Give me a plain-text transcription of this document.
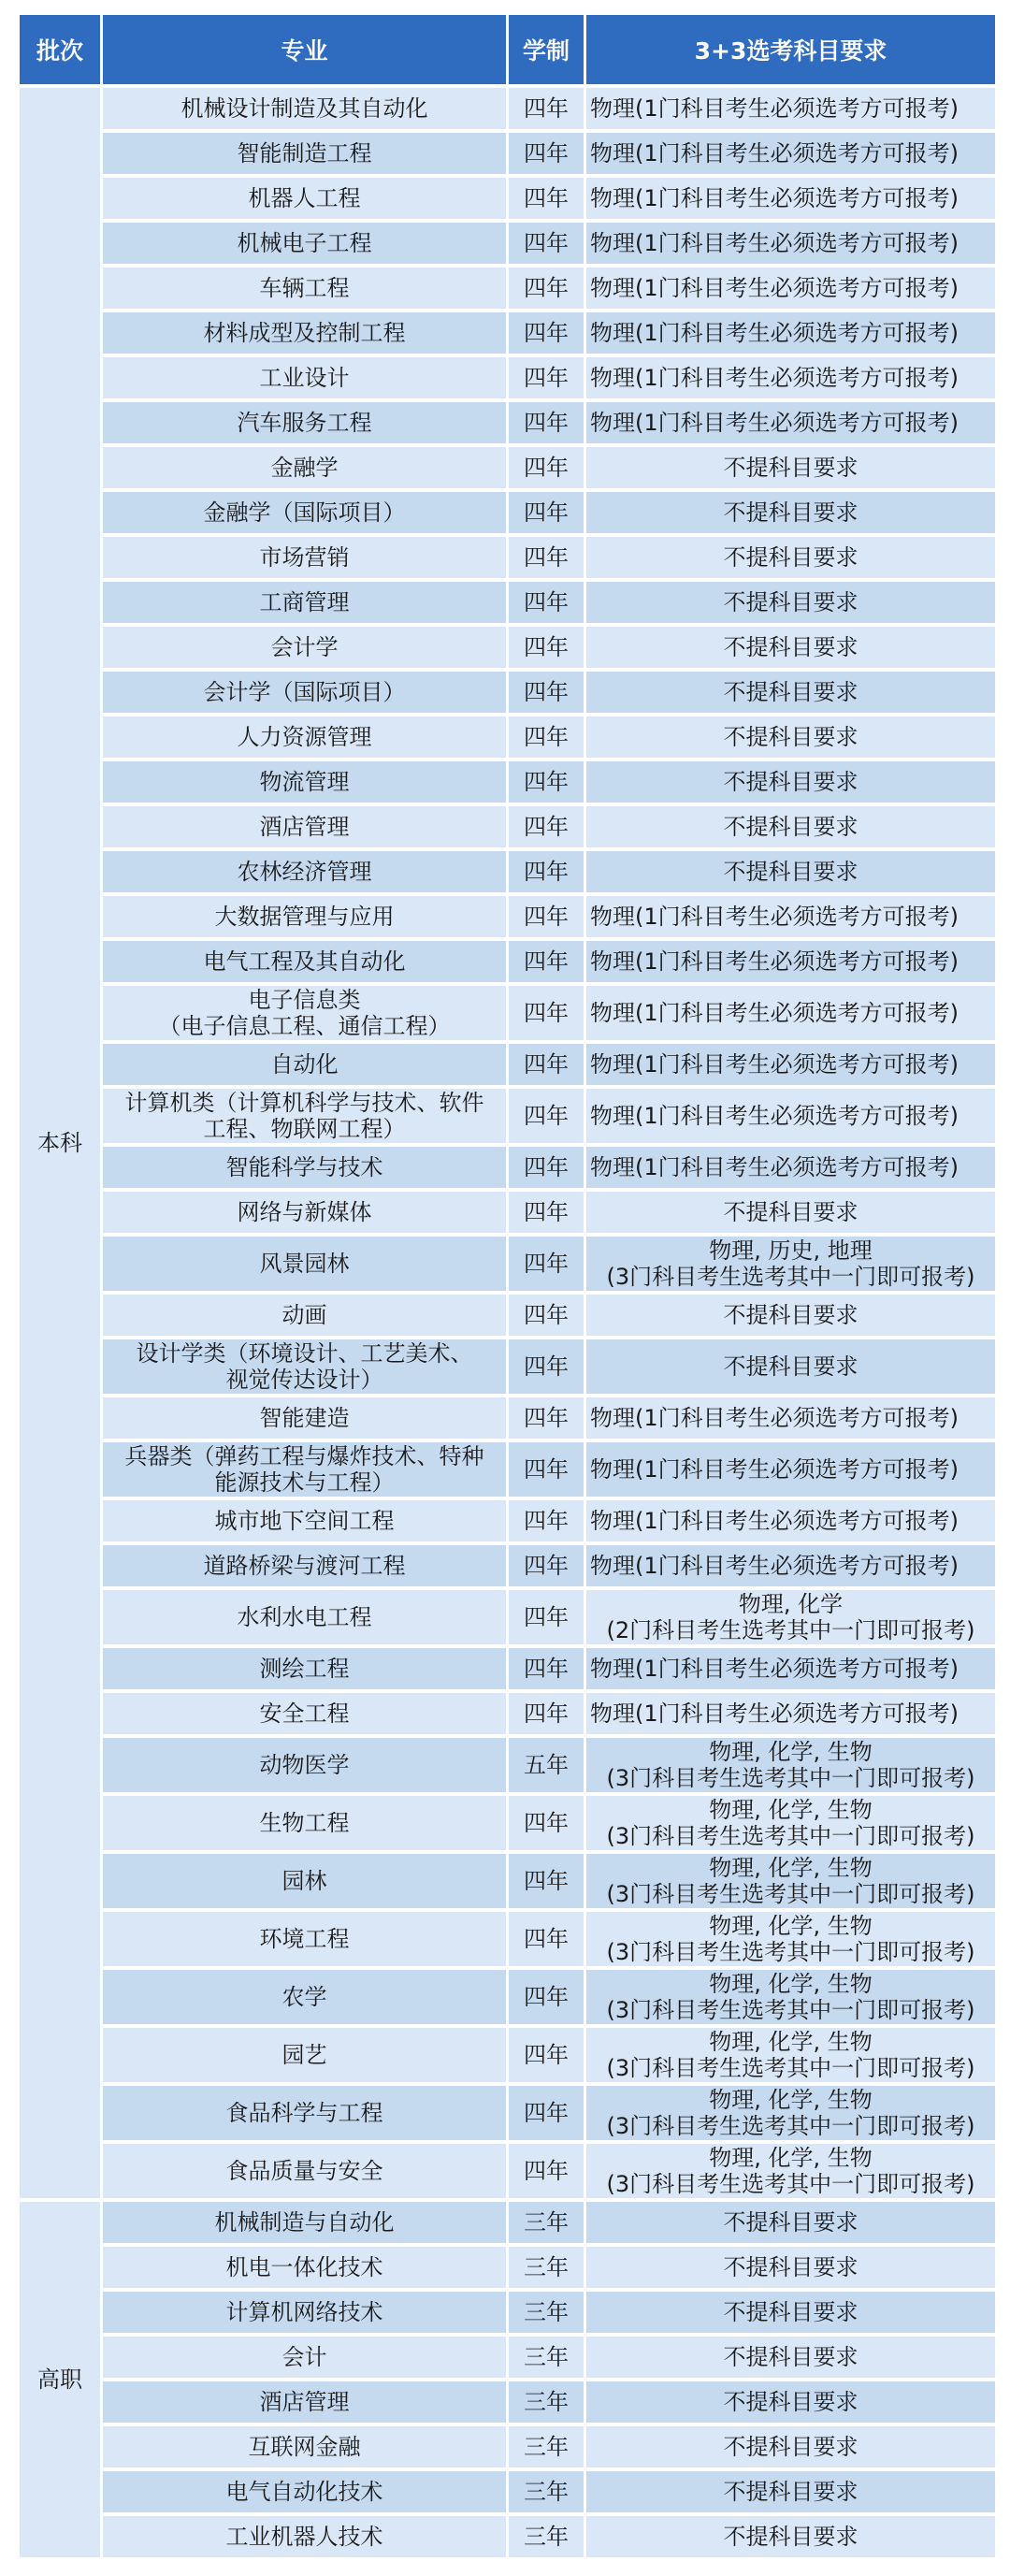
批次	专业	学制	3+3选考科目要求
本科	机械设计制造及其自动化	四年	物理(1门科目考生必须选考方可报考)

	智能制造工程	四年	物理(1门科目考生必须选考方可报考)

	机器人工程	四年	物理(1门科目考生必须选考方可报考)

	机械电子工程	四年	物理(1门科目考生必须选考方可报考)

	车辆工程	四年	物理(1门科目考生必须选考方可报考)

	材料成型及控制工程	四年	物理(1门科目考生必须选考方可报考)

	工业设计	四年	物理(1门科目考生必须选考方可报考)

	汽车服务工程	四年	物理(1门科目考生必须选考方可报考)

	金融学	四年	不提科目要求

	金融学（国际项目）	四年	不提科目要求

	市场营销	四年	不提科目要求

	工商管理	四年	不提科目要求

	会计学	四年	不提科目要求

	会计学（国际项目）	四年	不提科目要求

	人力资源管理	四年	不提科目要求

	物流管理	四年	不提科目要求

	酒店管理	四年	不提科目要求

	农林经济管理	四年	不提科目要求

	大数据管理与应用	四年	物理(1门科目考生必须选考方可报考)

	电气工程及其自动化	四年	物理(1门科目考生必须选考方可报考)

	电子信息类
（电子信息工程、通信工程）	四年	物理(1门科目考生必须选考方可报考)

	自动化	四年	物理(1门科目考生必须选考方可报考)

	计算机类（计算机科学与技术、软件
工程、物联网工程）	四年	物理(1门科目考生必须选考方可报考)

	智能科学与技术	四年	物理(1门科目考生必须选考方可报考)

	网络与新媒体	四年	不提科目要求

	风景园林	四年	物理, 历史, 地理
(3门科目考生选考其中一门即可报考)

	动画	四年	不提科目要求

	设计学类（环境设计、工艺美术、
视觉传达设计）	四年	不提科目要求

	智能建造	四年	物理(1门科目考生必须选考方可报考)

	兵器类（弹药工程与爆炸技术、特种
能源技术与工程）	四年	物理(1门科目考生必须选考方可报考)

	城市地下空间工程	四年	物理(1门科目考生必须选考方可报考)

	道路桥梁与渡河工程	四年	物理(1门科目考生必须选考方可报考)

	水利水电工程	四年	物理, 化学
(2门科目考生选考其中一门即可报考)

	测绘工程	四年	物理(1门科目考生必须选考方可报考)

	安全工程	四年	物理(1门科目考生必须选考方可报考)

	动物医学	五年	物理, 化学, 生物
(3门科目考生选考其中一门即可报考)

	生物工程	四年	物理, 化学, 生物
(3门科目考生选考其中一门即可报考)

	园林	四年	物理, 化学, 生物
(3门科目考生选考其中一门即可报考)

	环境工程	四年	物理, 化学, 生物
(3门科目考生选考其中一门即可报考)

	农学	四年	物理, 化学, 生物
(3门科目考生选考其中一门即可报考)

	园艺	四年	物理, 化学, 生物
(3门科目考生选考其中一门即可报考)

	食品科学与工程	四年	物理, 化学, 生物
(3门科目考生选考其中一门即可报考)

	食品质量与安全	四年	物理, 化学, 生物
(3门科目考生选考其中一门即可报考)

高职	机械制造与自动化	三年	不提科目要求

	机电一体化技术	三年	不提科目要求

	计算机网络技术	三年	不提科目要求

	会计	三年	不提科目要求

	酒店管理	三年	不提科目要求

	互联网金融	三年	不提科目要求

	电气自动化技术	三年	不提科目要求

	工业机器人技术	三年	不提科目要求
